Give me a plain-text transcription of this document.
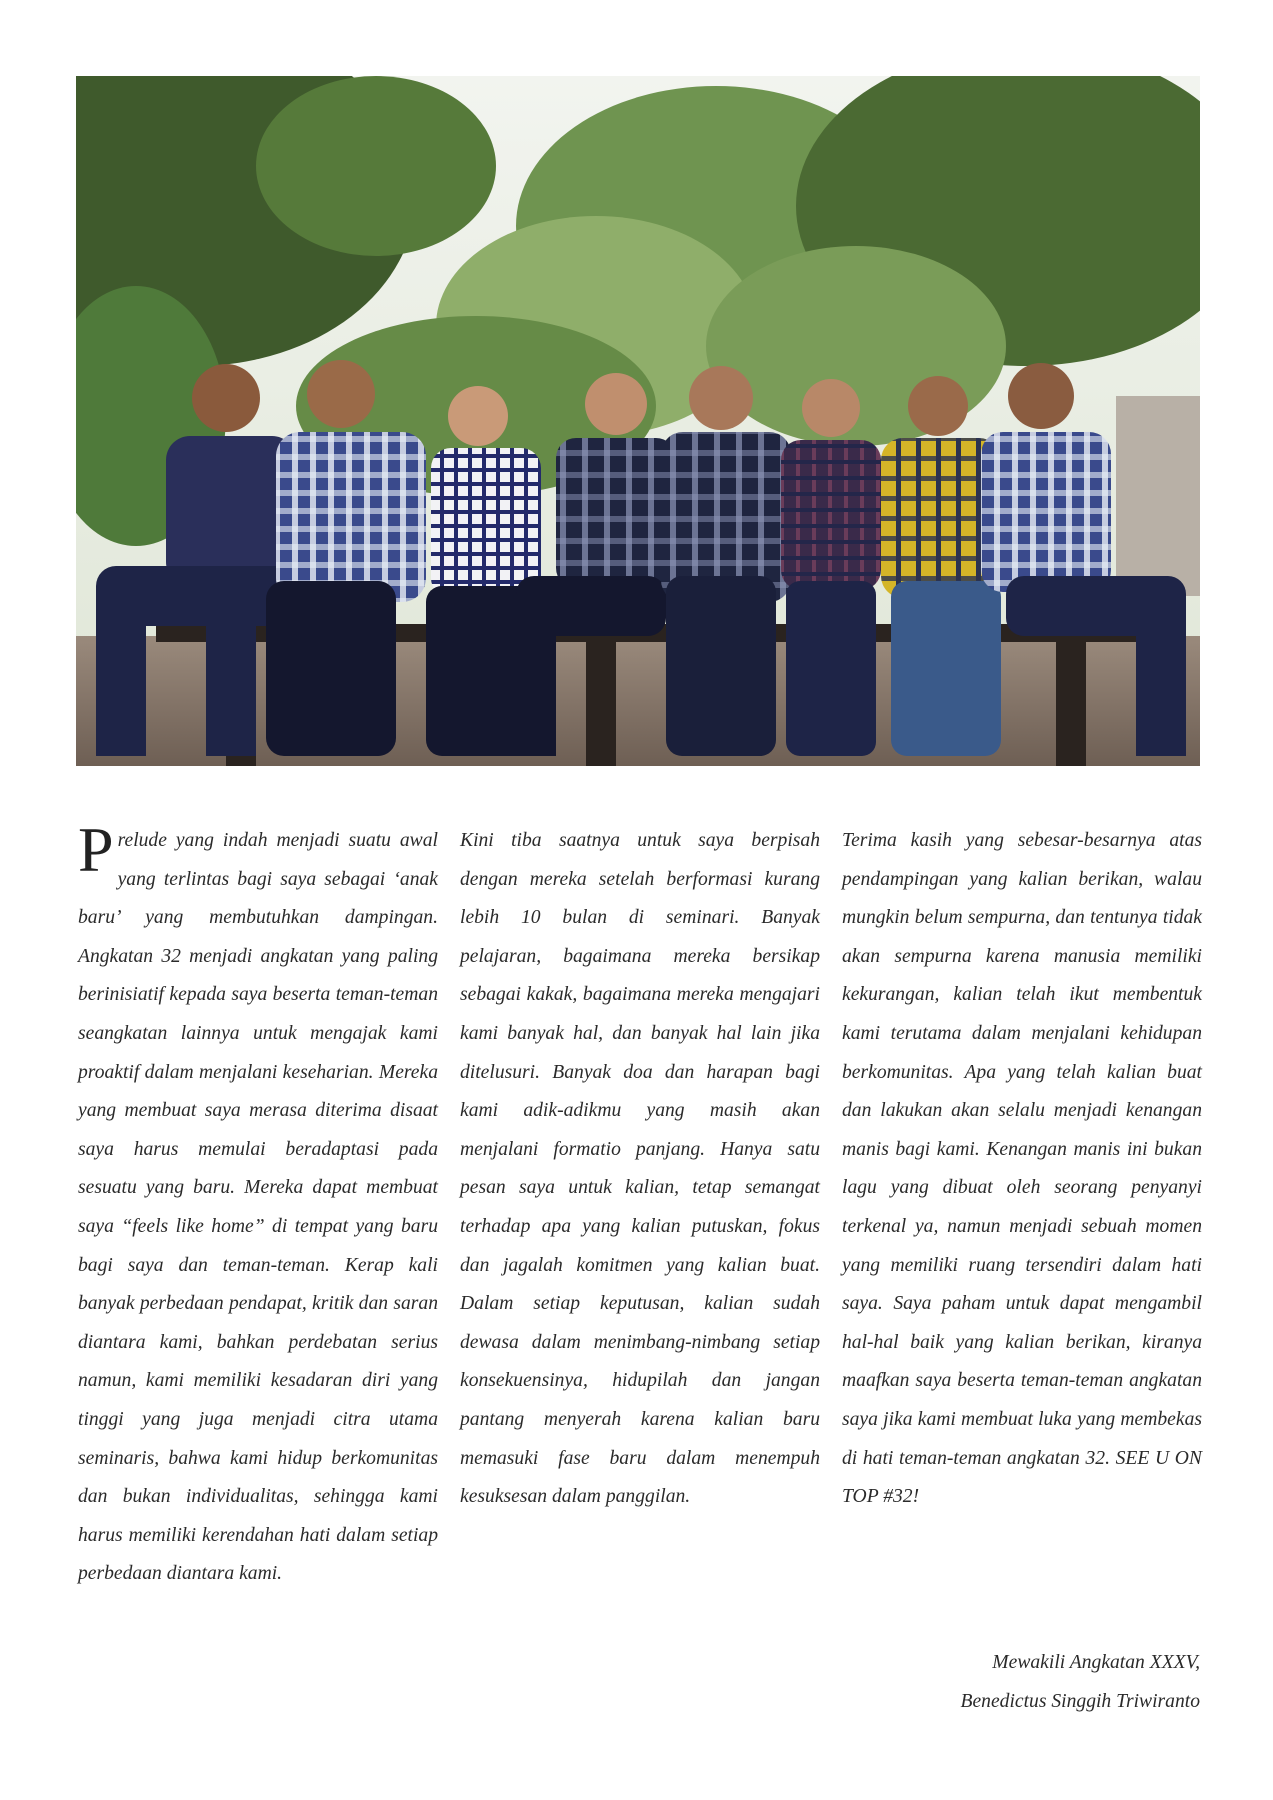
Prelude yang indah menjadi suatu awal yang terlintas bagi saya sebagai ‘anak baru’ yang membutuhkan dampingan. Angkatan 32 menjadi angkatan yang paling berinisiatif kepada saya beserta teman-teman seangkatan lainnya untuk mengajak kami proaktif dalam menjalani keseharian. Mereka yang membuat saya merasa diterima disaat saya harus memulai beradaptasi pada sesuatu yang baru. Mereka dapat membuat saya “feels like home” di tempat yang baru bagi saya dan teman-teman. Kerap kali banyak perbedaan pendapat, kritik dan saran diantara kami, bahkan perdebatan serius namun, kami memiliki kesadaran diri yang tinggi yang juga menjadi citra utama seminaris, bahwa kami hidup berkomunitas dan bukan individualitas, sehingga kami harus memiliki kerendahan hati dalam setiap perbedaan diantara kami.

Kini tiba saatnya untuk saya berpisah dengan mereka setelah berformasi kurang lebih 10 bulan di seminari. Banyak pelajaran, bagaimana mereka bersikap sebagai kakak, bagaimana mereka mengajari kami banyak hal, dan banyak hal lain jika ditelusuri. Banyak doa dan harapan bagi kami adik-adikmu yang masih akan menjalani formatio panjang. Hanya satu pesan saya untuk kalian, tetap semangat terhadap apa yang kalian putuskan, fokus dan jagalah komitmen yang kalian buat. Dalam setiap keputusan, kalian sudah dewasa dalam menimbang-nimbang setiap konsekuensinya, hidupilah dan jangan pantang menyerah karena kalian baru memasuki fase baru dalam menempuh kesuksesan dalam panggilan.

Terima kasih yang sebesar-besarnya atas pendampingan yang kalian berikan, walau mungkin belum sempurna, dan tentunya tidak akan sempurna karena manusia memiliki kekurangan, kalian telah ikut membentuk kami terutama dalam menjalani kehidupan berkomunitas. Apa yang telah kalian buat dan lakukan akan selalu menjadi kenangan manis bagi kami. Kenangan manis ini bukan lagu yang dibuat oleh seorang penyanyi terkenal ya, namun menjadi sebuah momen yang memiliki ruang tersendiri dalam hati saya. Saya paham untuk dapat mengambil hal-hal baik yang kalian berikan, kiranya maafkan saya beserta teman-teman angkatan saya jika kami membuat luka yang membekas di hati teman-teman angkatan 32. SEE U ON TOP #32!

Mewakili Angkatan XXXV,
Benedictus Singgih Triwiranto
